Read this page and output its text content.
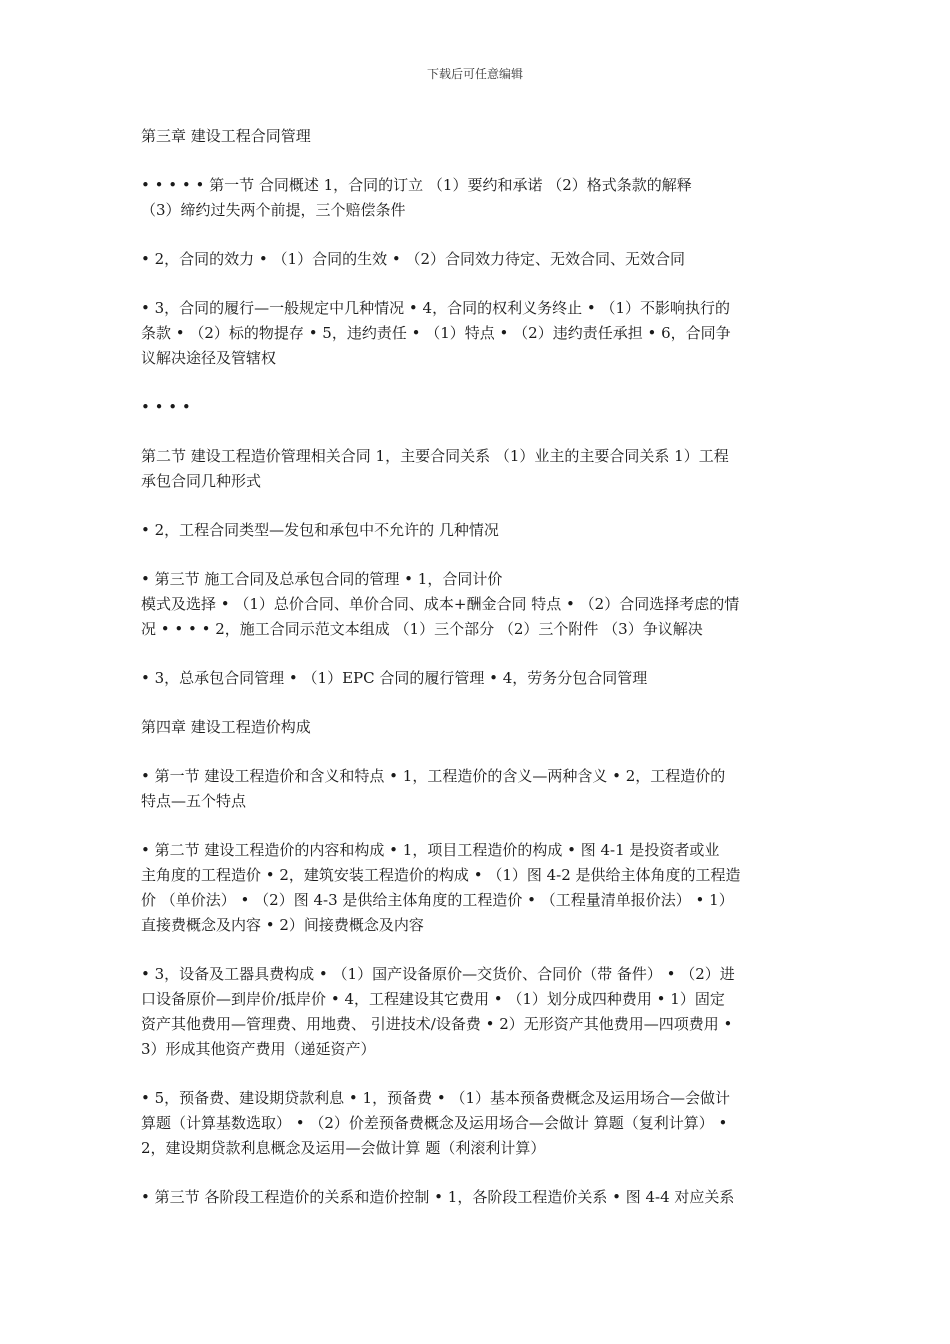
下载后可任意编辑
第三章 建设工程合同管理
• • • • • 第一节 合同概述 1，合同的订立 （1）要约和承诺 （2）格式条款的解释
（3）缔约过失两个前提，三个赔偿条件
• 2，合同的效力 • （1）合同的生效 • （2）合同效力待定、无效合同、无效合同
• 3，合同的履行—一般规定中几种情况 • 4，合同的权利义务终止 • （1）不影响执行的
条款 • （2）标的物提存 • 5，违约责任 • （1）特点 • （2）违约责任承担 • 6，合同争
议解决途径及管辖权
• • • •
第二节 建设工程造价管理相关合同 1，主要合同关系 （1）业主的主要合同关系 1）工程
承包合同几种形式
• 2，工程合同类型—发包和承包中不允许的 几种情况
• 第三节 施工合同及总承包合同的管理 • 1，合同计价
模式及选择 • （1）总价合同、单价合同、成本+酬金合同 特点 • （2）合同选择考虑的情
况 • • • • 2，施工合同示范文本组成 （1）三个部分 （2）三个附件 （3）争议解决
• 3，总承包合同管理 • （1）EPC 合同的履行管理 • 4，劳务分包合同管理
第四章 建设工程造价构成
• 第一节 建设工程造价和含义和特点 • 1，工程造价的含义—两种含义 • 2，工程造价的
特点—五个特点
• 第二节 建设工程造价的内容和构成 • 1，项目工程造价的构成 • 图 4-1 是投资者或业
主角度的工程造价 • 2，建筑安装工程造价的构成 • （1）图 4-2 是供给主体角度的工程造
价 （单价法） • （2）图 4-3 是供给主体角度的工程造价 • （工程量清单报价法） • 1）
直接费概念及内容 • 2）间接费概念及内容
• 3，设备及工器具费构成 • （1）国产设备原价—交货价、合同价（带 备件） • （2）进
口设备原价—到岸价/抵岸价 • 4，工程建设其它费用 • （1）划分成四种费用 • 1）固定
资产其他费用—管理费、用地费、 引进技术/设备费 • 2）无形资产其他费用—四项费用 •
3）形成其他资产费用（递延资产）
• 5，预备费、建设期贷款利息 • 1，预备费 • （1）基本预备费概念及运用场合—会做计
算题（计算基数选取） • （2）价差预备费概念及运用场合—会做计 算题（复利计算） •
2，建设期贷款利息概念及运用—会做计算 题（利滚利计算）
• 第三节 各阶段工程造价的关系和造价控制 • 1，各阶段工程造价关系 • 图 4-4 对应关系
